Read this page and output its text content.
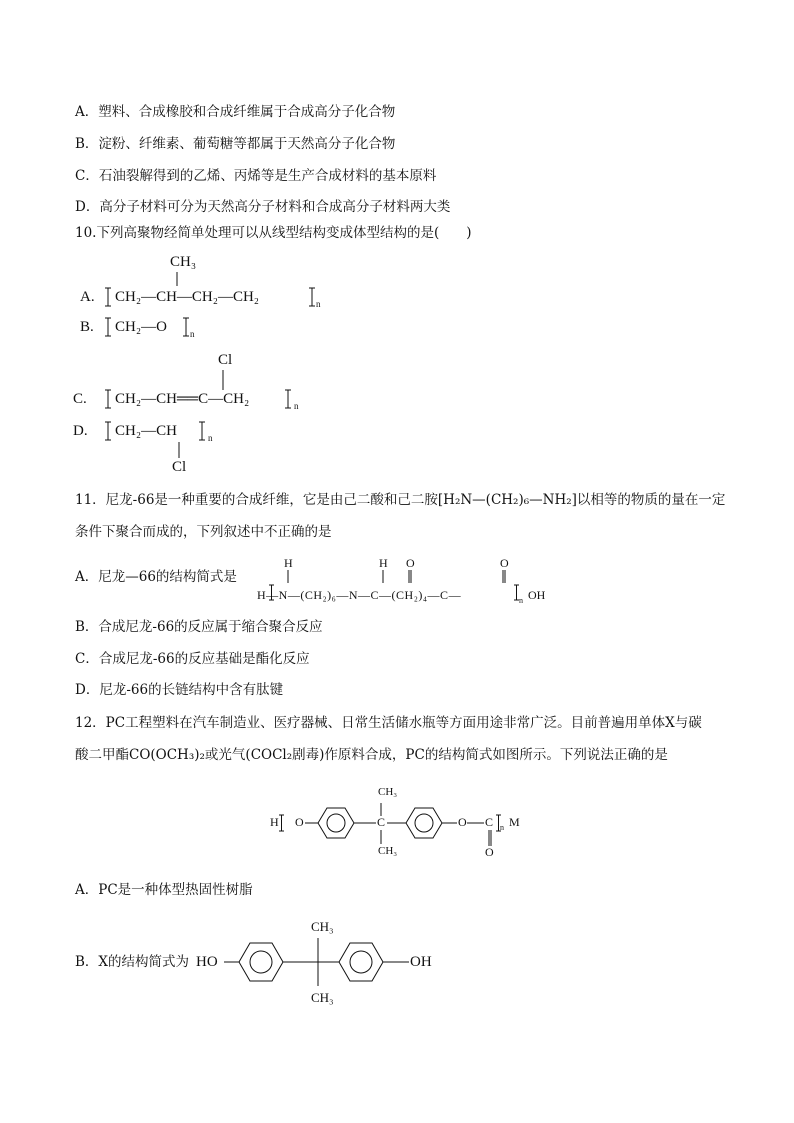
A．塑料、合成橡胶和合成纤维属于合成高分子化合物
B．淀粉、纤维素、葡萄糖等都属于天然高分子化合物
C．石油裂解得到的乙烯、丙烯等是生产合成材料的基本原料
D．高分子材料可分为天然高分子材料和合成高分子材料两大类
10.下列高聚物经简单处理可以从线型结构变成体型结构的是(　　)
A.
CH₃
CH₂—CH—CH₂—CH₂	n
B. CH₂—O	n
Cl
C. CH₂—CH══C—CH₂	n
D. CH₂—CH	n
Cl
11．尼龙-66是一种重要的合成纤维，它是由己二酸和己二胺[H₂N—(CH₂)₆—NH₂]以相等的物质的量在一定
条件下聚合而成的，下列叙述中不正确的是
A．尼龙—66的结构简式是
H	H O	O
H—N—(CH₂)₆—N—C—(CH₂)₄—C—	n OH
B．合成尼龙-66的反应属于缩合聚合反应
C．合成尼龙-66的反应基础是酯化反应
D．尼龙-66的长链结构中含有肽键
12．PC工程塑料在汽车制造业、医疗器械、日常生活储水瓶等方面用途非常广泛。目前普遍用单体X与碳
酸二甲酯CO(OCH₃)₂或光气(COCl₂剧毒)作原料合成，PC的结构简式如图所示。下列说法正确的是
CH₃
H O	C	O C n M
CH₃	O
A．PC是一种体型热固性树脂
B．X的结构简式为
CH₃
HO	OH
CH₃
